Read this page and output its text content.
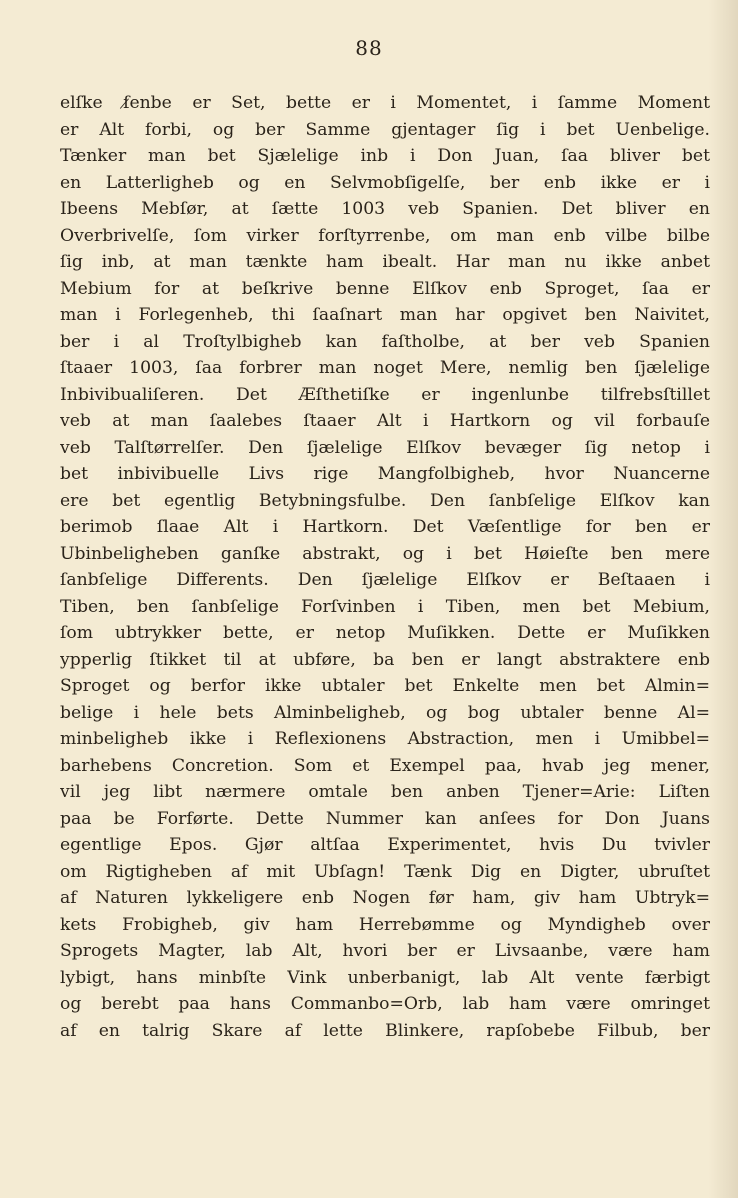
88
elſke ſ̷enbe er Set, bette er i Momentet, i ſamme Moment
er Alt forbi, og ber Samme gjentager ſig i bet Uenbelige.
Tænker man bet Sjælelige inb i Don Juan, ſaa bliver bet
en Latterligheb og en Selvmobſigelſe, ber enb ikke er i
Ibeens Mebſør, at ſætte 1003 veb Spanien. Det bliver en
Overbrivelſe, ſom virker forſtyrrenbe, om man enb vilbe bilbe
ſig inb, at man tænkte ham ibealt. Har man nu ikke anbet
Mebium for at beſkrive benne Elſkov enb Sproget, ſaa er
man i Forlegenheb, thi ſaaſnart man har opgivet ben Naivitet,
ber i al Troſtylbigheb kan faſtholbe, at ber veb Spanien
ſtaaer 1003, ſaa forbrer man noget Mere, nemlig ben ſjælelige
Inbivibualiſeren. Det Æſthetiſke er ingenlunbe tilfrebsſtillet
veb at man ſaalebes ſtaaer Alt i Hartkorn og vil forbauſe
veb Talſtørrelſer. Den ſjælelige Elſkov bevæger ſig netop i
bet inbivibuelle Livs rige Mangfolbigheb, hvor Nuancerne
ere bet egentlig Betybningsfulbe. Den ſanbſelige Elſkov kan
berimob ſlaae Alt i Hartkorn. Det Væſentlige for ben er
Ubinbeligheben ganſke abstrakt, og i bet Høieſte ben mere
ſanbſelige Differents. Den ſjælelige Elſkov er Beſtaaen i
Tiben, ben ſanbſelige Forſvinben i Tiben, men bet Mebium,
ſom ubtrykker bette, er netop Muſikken. Dette er Muſikken
ypperlig ſtikket til at ubføre, ba ben er langt abstraktere enb
Sproget og berfor ikke ubtaler bet Enkelte men bet Almin=
belige i hele bets Alminbeligheb, og bog ubtaler benne Al=
minbeligheb ikke i Reflexionens Abstraction, men i Umibbel=
barhebens Concretion. Som et Exempel paa, hvab jeg mener,
vil jeg libt nærmere omtale ben anben Tjener=Arie: Liſten
paa be Forførte. Dette Nummer kan anſees for Don Juans
egentlige Epos. Gjør altſaa Experimentet, hvis Du tvivler
om Rigtigheben af mit Ubſagn! Tænk Dig en Digter, ubruſtet
af Naturen lykkeligere enb Nogen før ham, giv ham Ubtryk=
kets Frobigheb, giv ham Herrebømme og Myndigheb over
Sprogets Magter, lab Alt, hvori ber er Livsaanbe, være ham
lybigt, hans minbſte Vink unberbanigt, lab Alt vente færbigt
og berebt paa hans Commanbo=Orb, lab ham være omringet
af en talrig Skare af lette Blinkere, rapſobebe Filbub, ber
